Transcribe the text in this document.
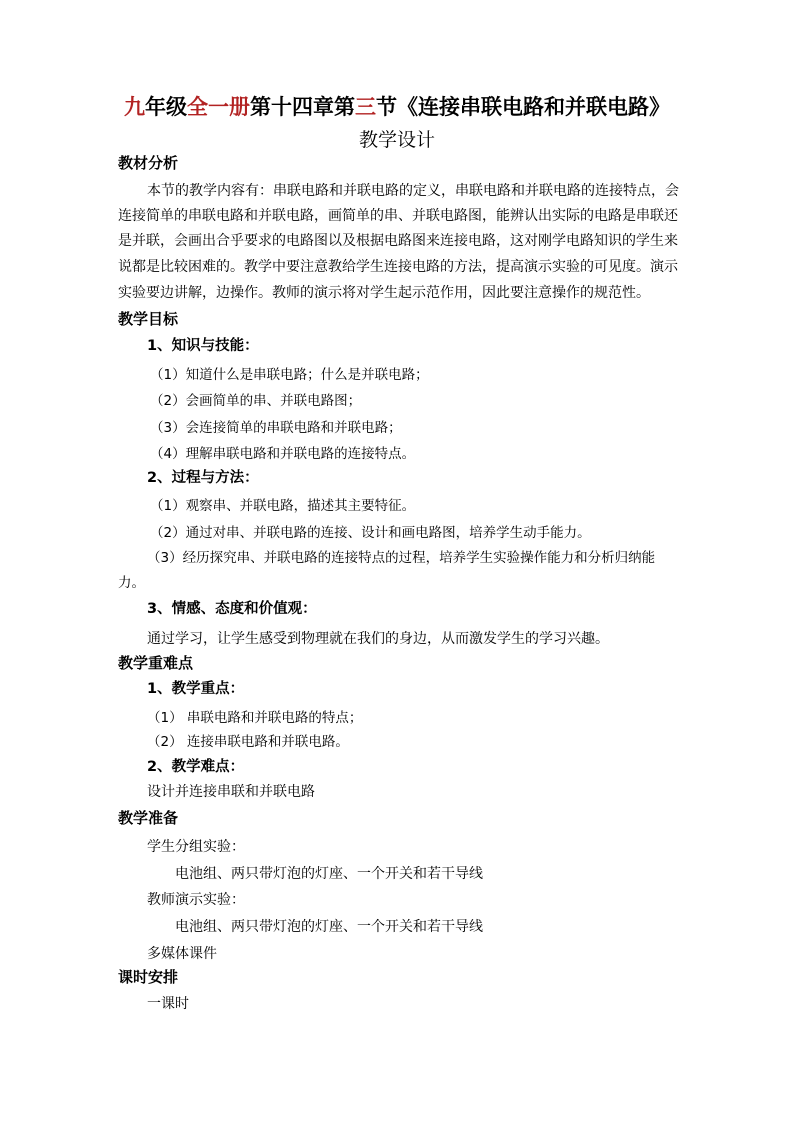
九年级全一册第十四章第三节《连接串联电路和并联电路》
教学设计
教材分析
本节的教学内容有：串联电路和并联电路的定义，串联电路和并联电路的连接特点，会
连接简单的串联电路和并联电路，画简单的串、并联电路图，能辨认出实际的电路是串联还
是并联，会画出合乎要求的电路图以及根据电路图来连接电路，这对刚学电路知识的学生来
说都是比较困难的。教学中要注意教给学生连接电路的方法，提高演示实验的可见度。演示
实验要边讲解，边操作。教师的演示将对学生起示范作用，因此要注意操作的规范性。
教学目标
1、知识与技能：
（1）知道什么是串联电路；什么是并联电路；
（2）会画简单的串、并联电路图；
（3）会连接简单的串联电路和并联电路；
（4）理解串联电路和并联电路的连接特点。
2、过程与方法：
（1）观察串、并联电路，描述其主要特征。
（2）通过对串、并联电路的连接、设计和画电路图，培养学生动手能力。
（3）经历探究串、并联电路的连接特点的过程，培养学生实验操作能力和分析归纳能
力。
3、情感、态度和价值观：
通过学习，让学生感受到物理就在我们的身边，从而激发学生的学习兴趣。
教学重难点
1、教学重点：
（1） 串联电路和并联电路的特点；
（2） 连接串联电路和并联电路。
2、教学难点：
设计并连接串联和并联电路
教学准备
学生分组实验：
电池组、两只带灯泡的灯座、一个开关和若干导线
教师演示实验：
电池组、两只带灯泡的灯座、一个开关和若干导线
多媒体课件
课时安排
一课时
